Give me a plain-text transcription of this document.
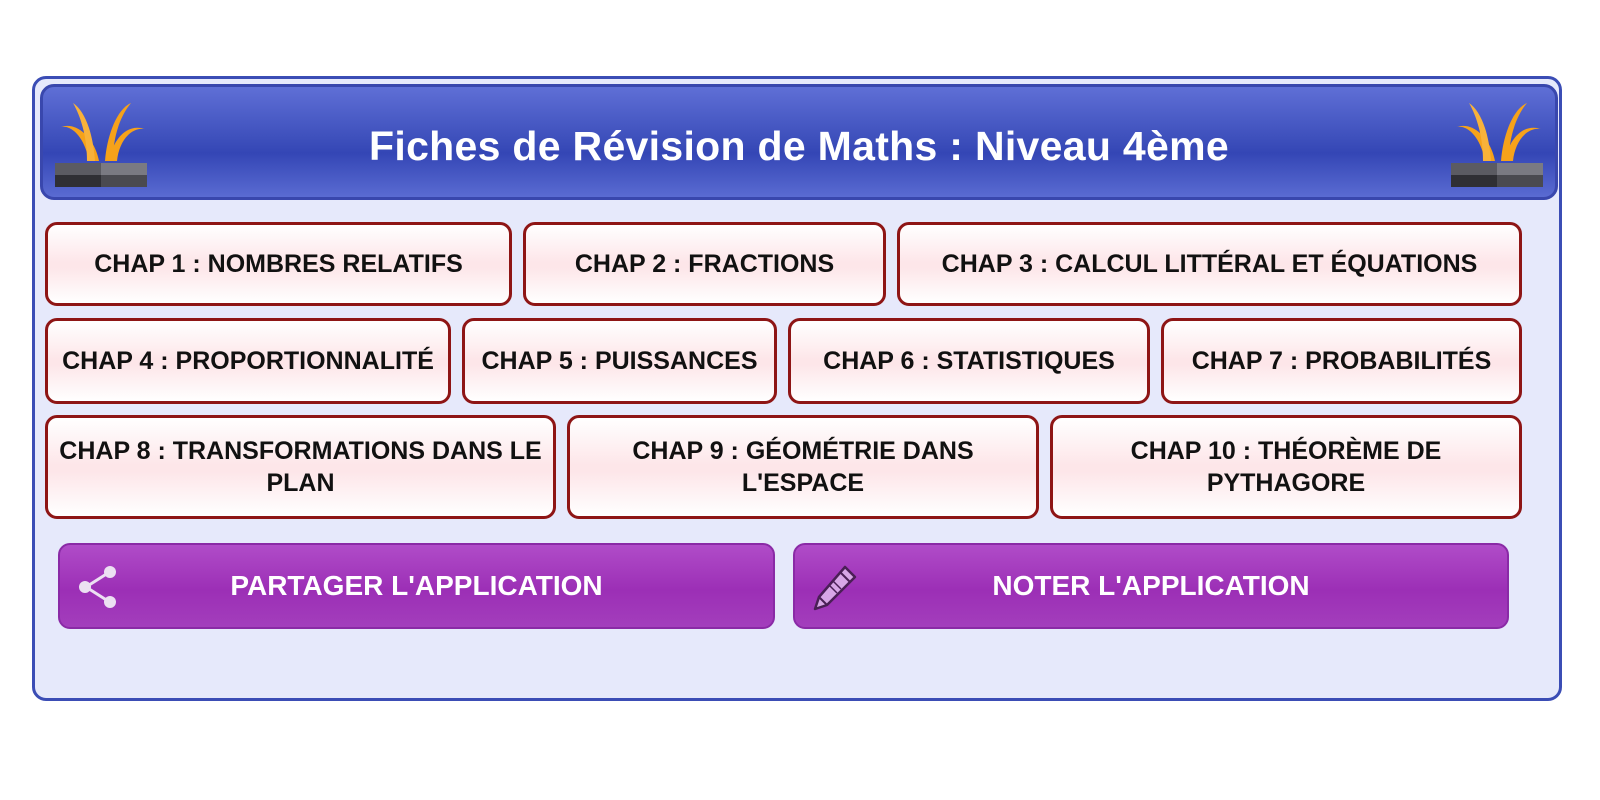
Fiches de Révision de Maths : Niveau 4ème
CHAP 1 : NOMBRES RELATIFS	CHAP 2 : FRACTIONS	CHAP 3 : CALCUL LITTÉRAL ET ÉQUATIONS
CHAP 4 : PROPORTIONNALITÉ	CHAP 5 : PUISSANCES	CHAP 6 : STATISTIQUES	CHAP 7 : PROBABILITÉS
CHAP 8 : TRANSFORMATIONS DANS LE PLAN
CHAP 9 : GÉOMÉTRIE DANS L'ESPACE
CHAP 10 : THÉORÈME DE PYTHAGORE
PARTAGER L'APPLICATION	NOTER L'APPLICATION
